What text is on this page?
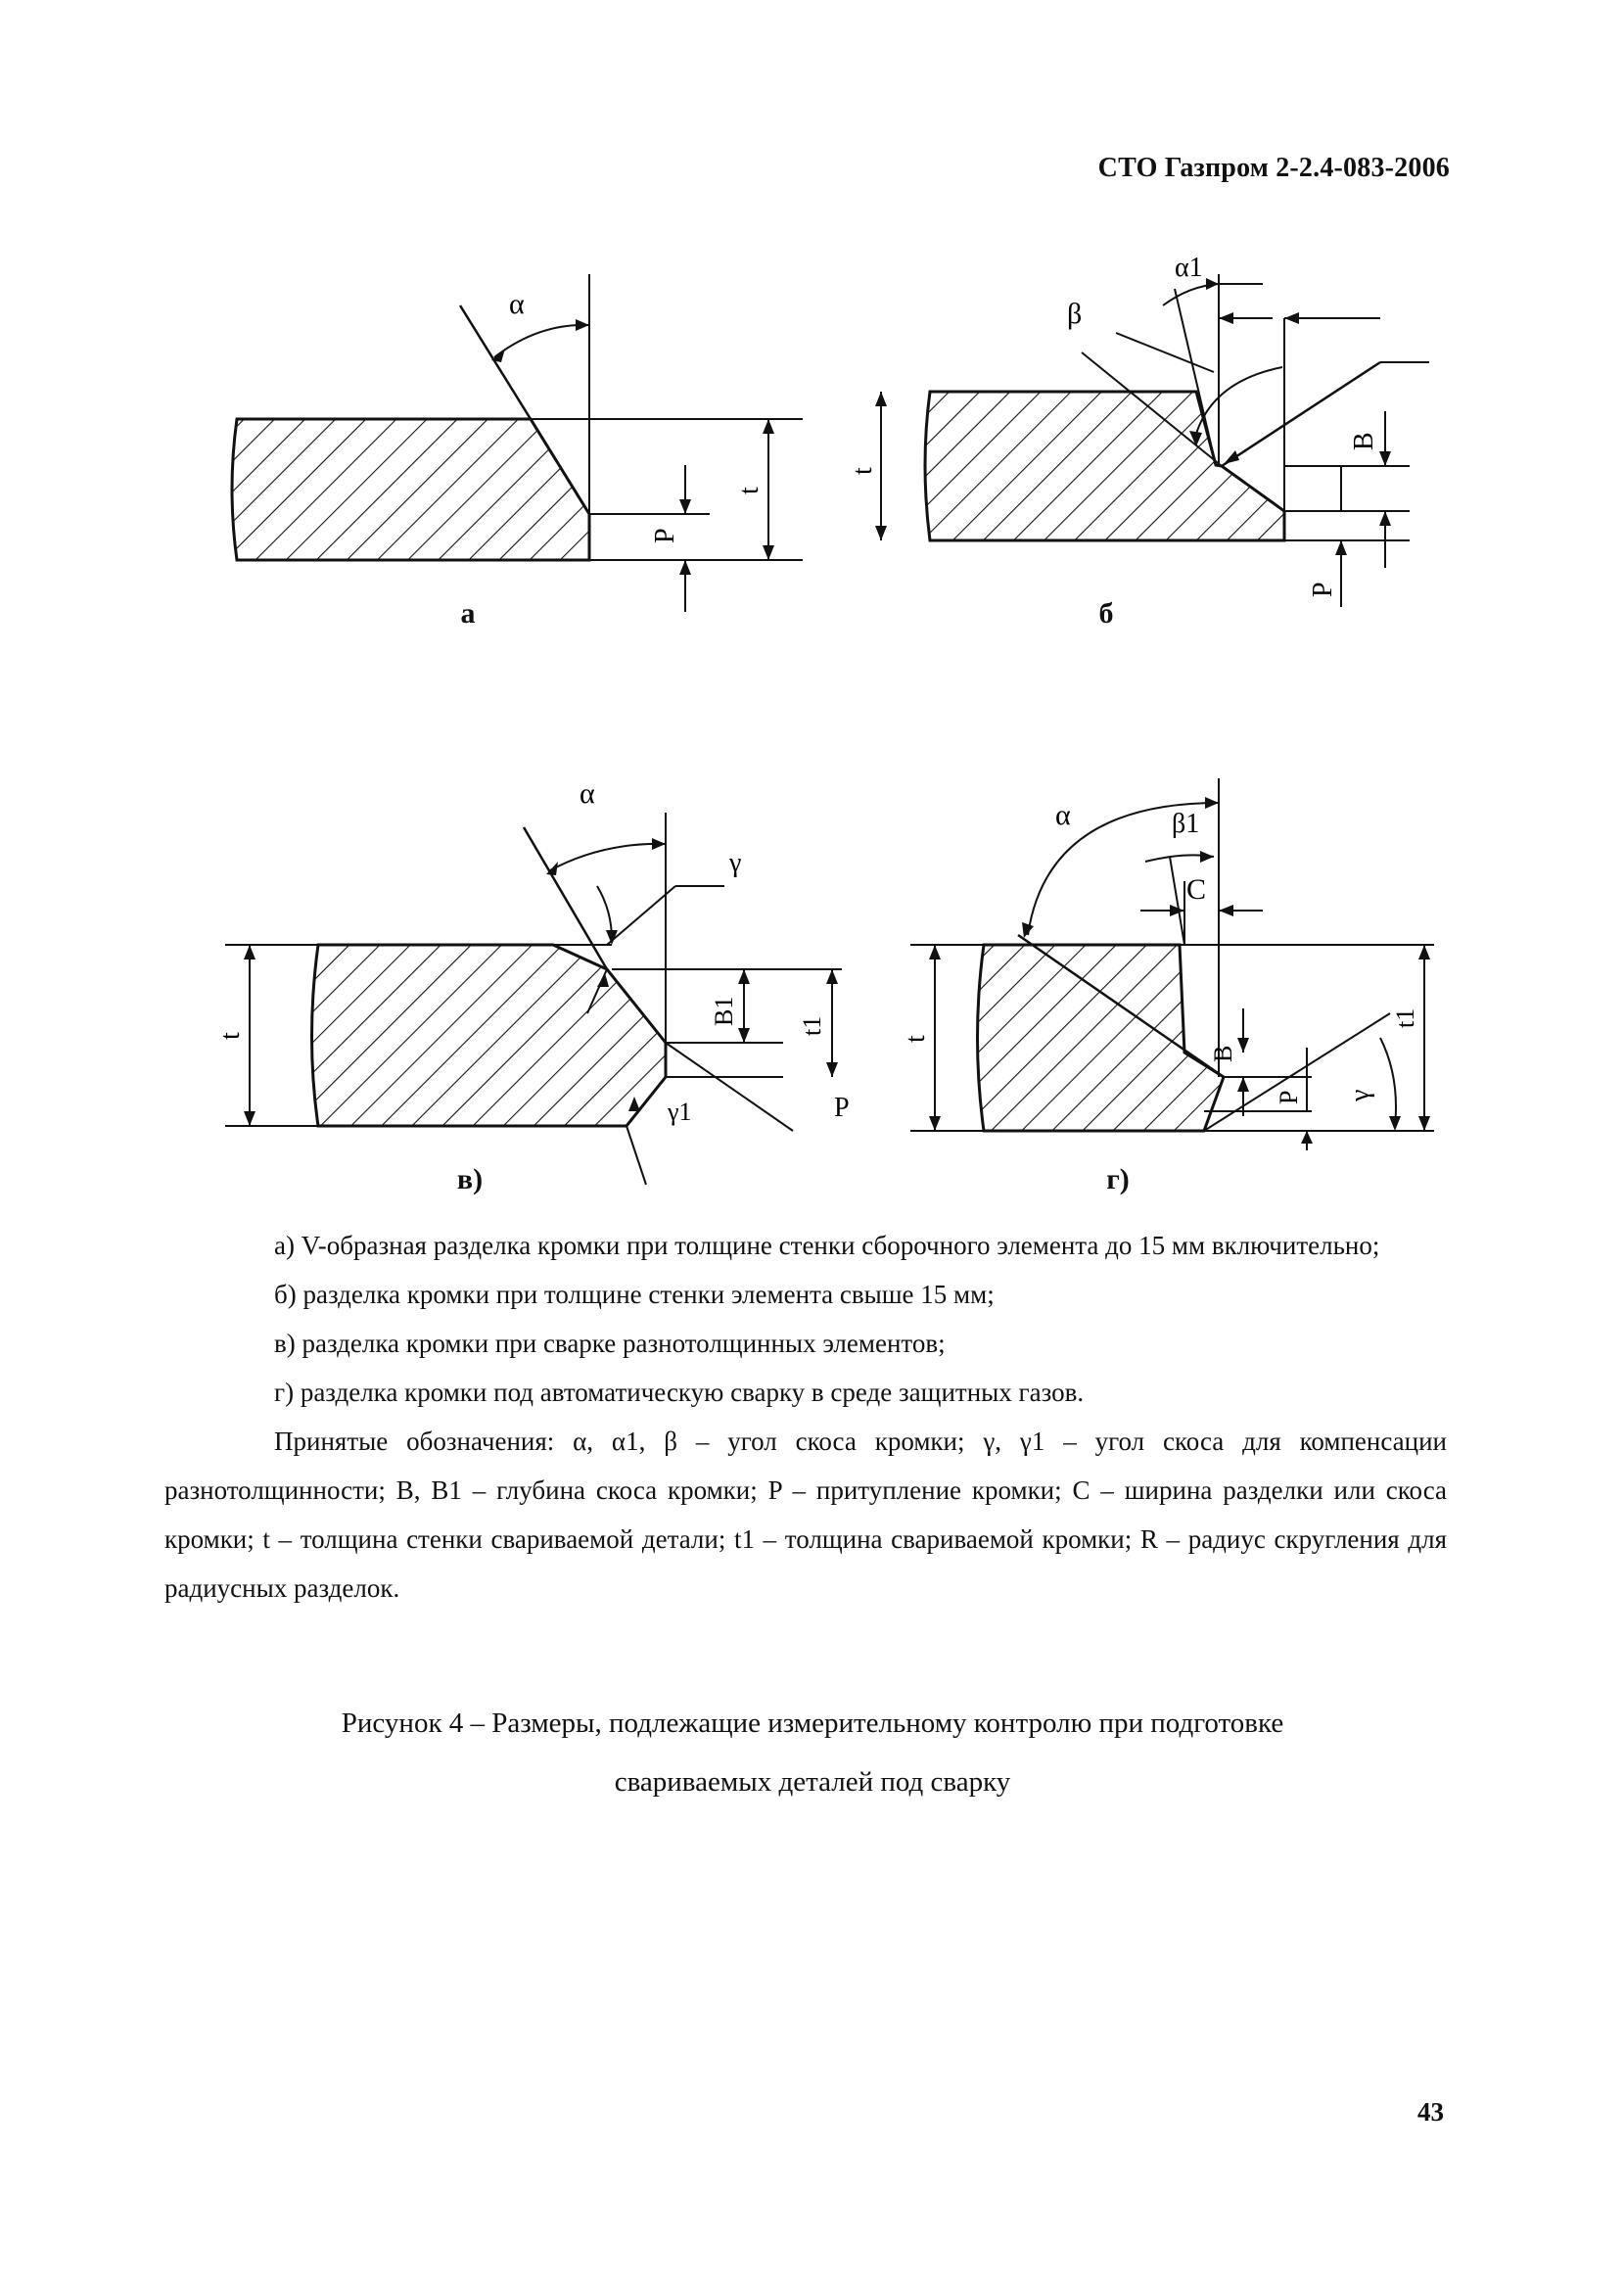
СТО Газпром 2-2.4-083-2006
α
P
t
а
β
α1
t
B
P
б
α
γ
γ1
t
B1 t1
P
в)
α	β1
C
t
B
P γ
t1
г)

а) V-образная разделка кромки при толщине стенки сборочного элемента до 15 мм включительно;

б) разделка кромки при толщине стенки элемента свыше 15 мм;

в) разделка кромки при сварке разнотолщинных элементов;

г) разделка кромки под автоматическую сварку в среде защитных газов.

Принятые обозначения: α, α1, β – угол скоса кромки; γ, γ1 – угол скоса для компенсации разнотолщинности; B, B1 – глубина скоса кромки; P – притупление кромки; C – ширина разделки или скоса кромки; t – толщина стенки свариваемой детали; t1 – толщина свариваемой кромки; R – радиус скругления для радиусных разделок.

Рисунок 4 – Размеры, подлежащие измерительному контролю при подготовке
свариваемых деталей под сварку
43
